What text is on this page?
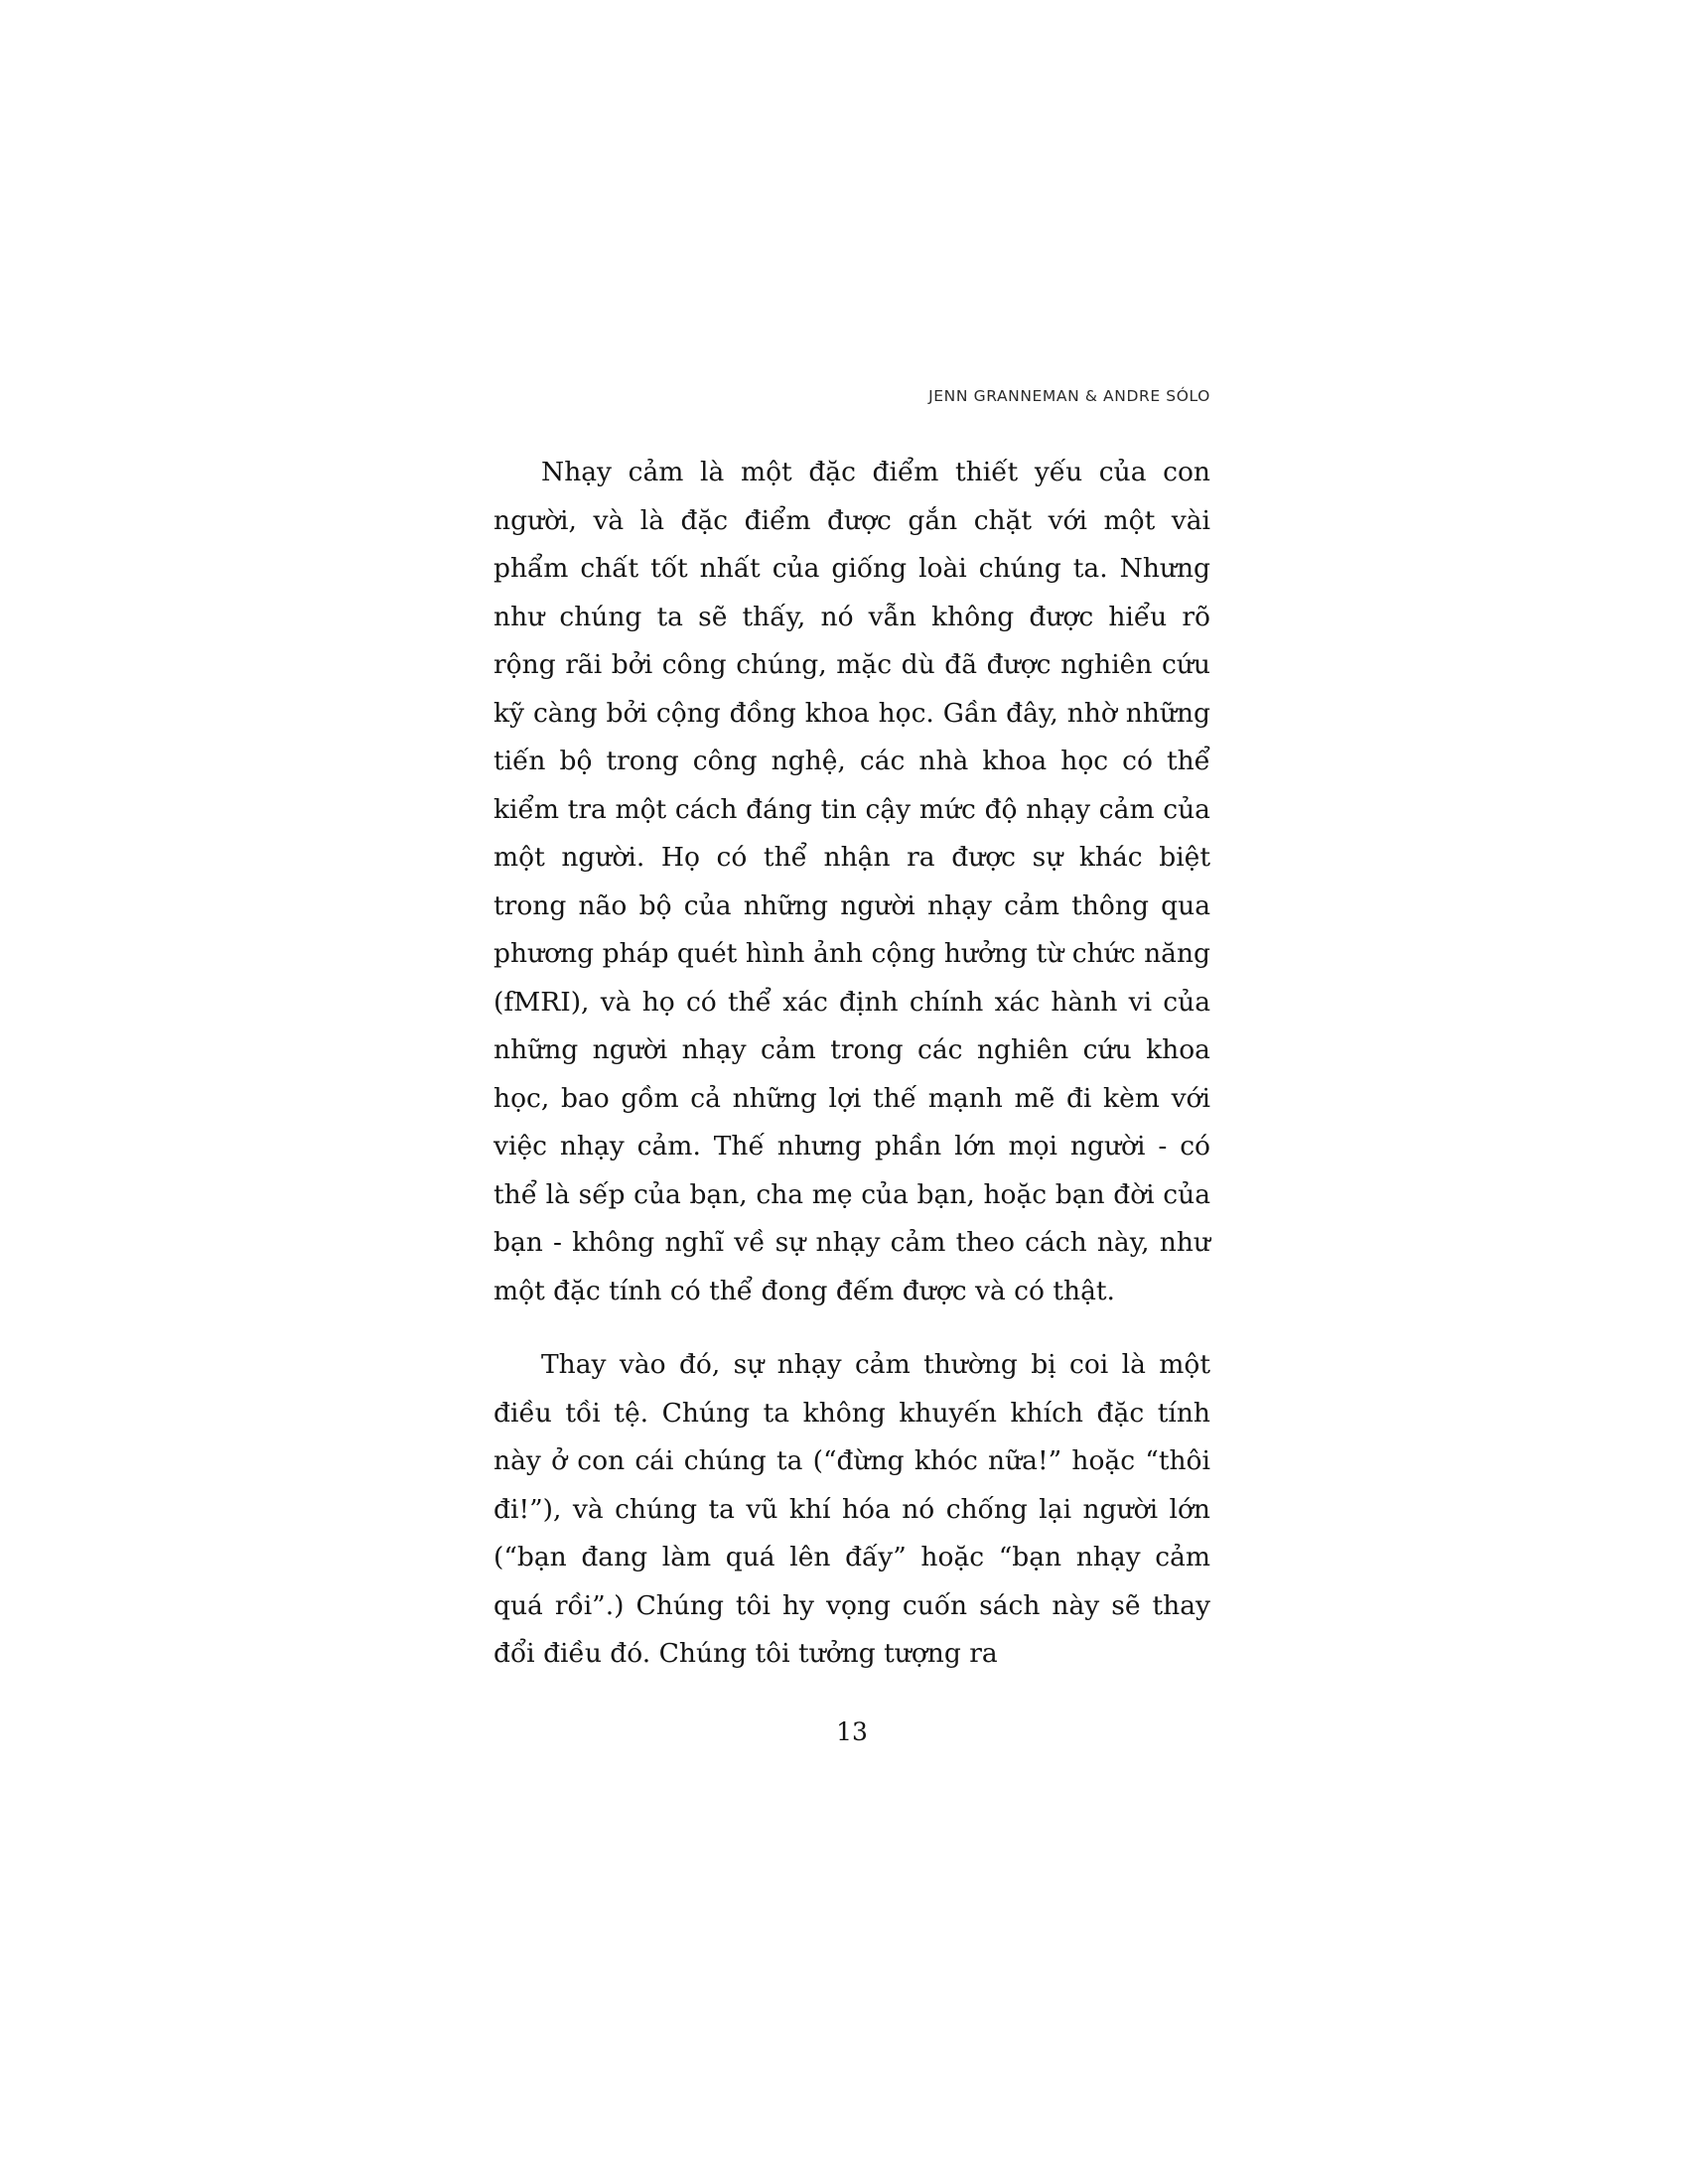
JENN GRANNEMAN & ANDRE SÓLO

Nhạy cảm là một đặc điểm thiết yếu của con người, và là đặc điểm được gắn chặt với một vài phẩm chất tốt nhất của giống loài chúng ta. Nhưng như chúng ta sẽ thấy, nó vẫn không được hiểu rõ rộng rãi bởi công chúng, mặc dù đã được nghiên cứu kỹ càng bởi cộng đồng khoa học. Gần đây, nhờ những tiến bộ trong công nghệ, các nhà khoa học có thể kiểm tra một cách đáng tin cậy mức độ nhạy cảm của một người. Họ có thể nhận ra được sự khác biệt trong não bộ của những người nhạy cảm thông qua phương pháp quét hình ảnh cộng hưởng từ chức năng (fMRI), và họ có thể xác định chính xác hành vi của những người nhạy cảm trong các nghiên cứu khoa học, bao gồm cả những lợi thế mạnh mẽ đi kèm với việc nhạy cảm. Thế nhưng phần lớn mọi người - có thể là sếp của bạn, cha mẹ của bạn, hoặc bạn đời của bạn - không nghĩ về sự nhạy cảm theo cách này, như một đặc tính có thể đong đếm được và có thật.

Thay vào đó, sự nhạy cảm thường bị coi là một điều tồi tệ. Chúng ta không khuyến khích đặc tính này ở con cái chúng ta (“đừng khóc nữa!” hoặc “thôi đi!”), và chúng ta vũ khí hóa nó chống lại người lớn (“bạn đang làm quá lên đấy” hoặc “bạn nhạy cảm quá rồi”.) Chúng tôi hy vọng cuốn sách này sẽ thay đổi điều đó. Chúng tôi tưởng tượng ra

13
